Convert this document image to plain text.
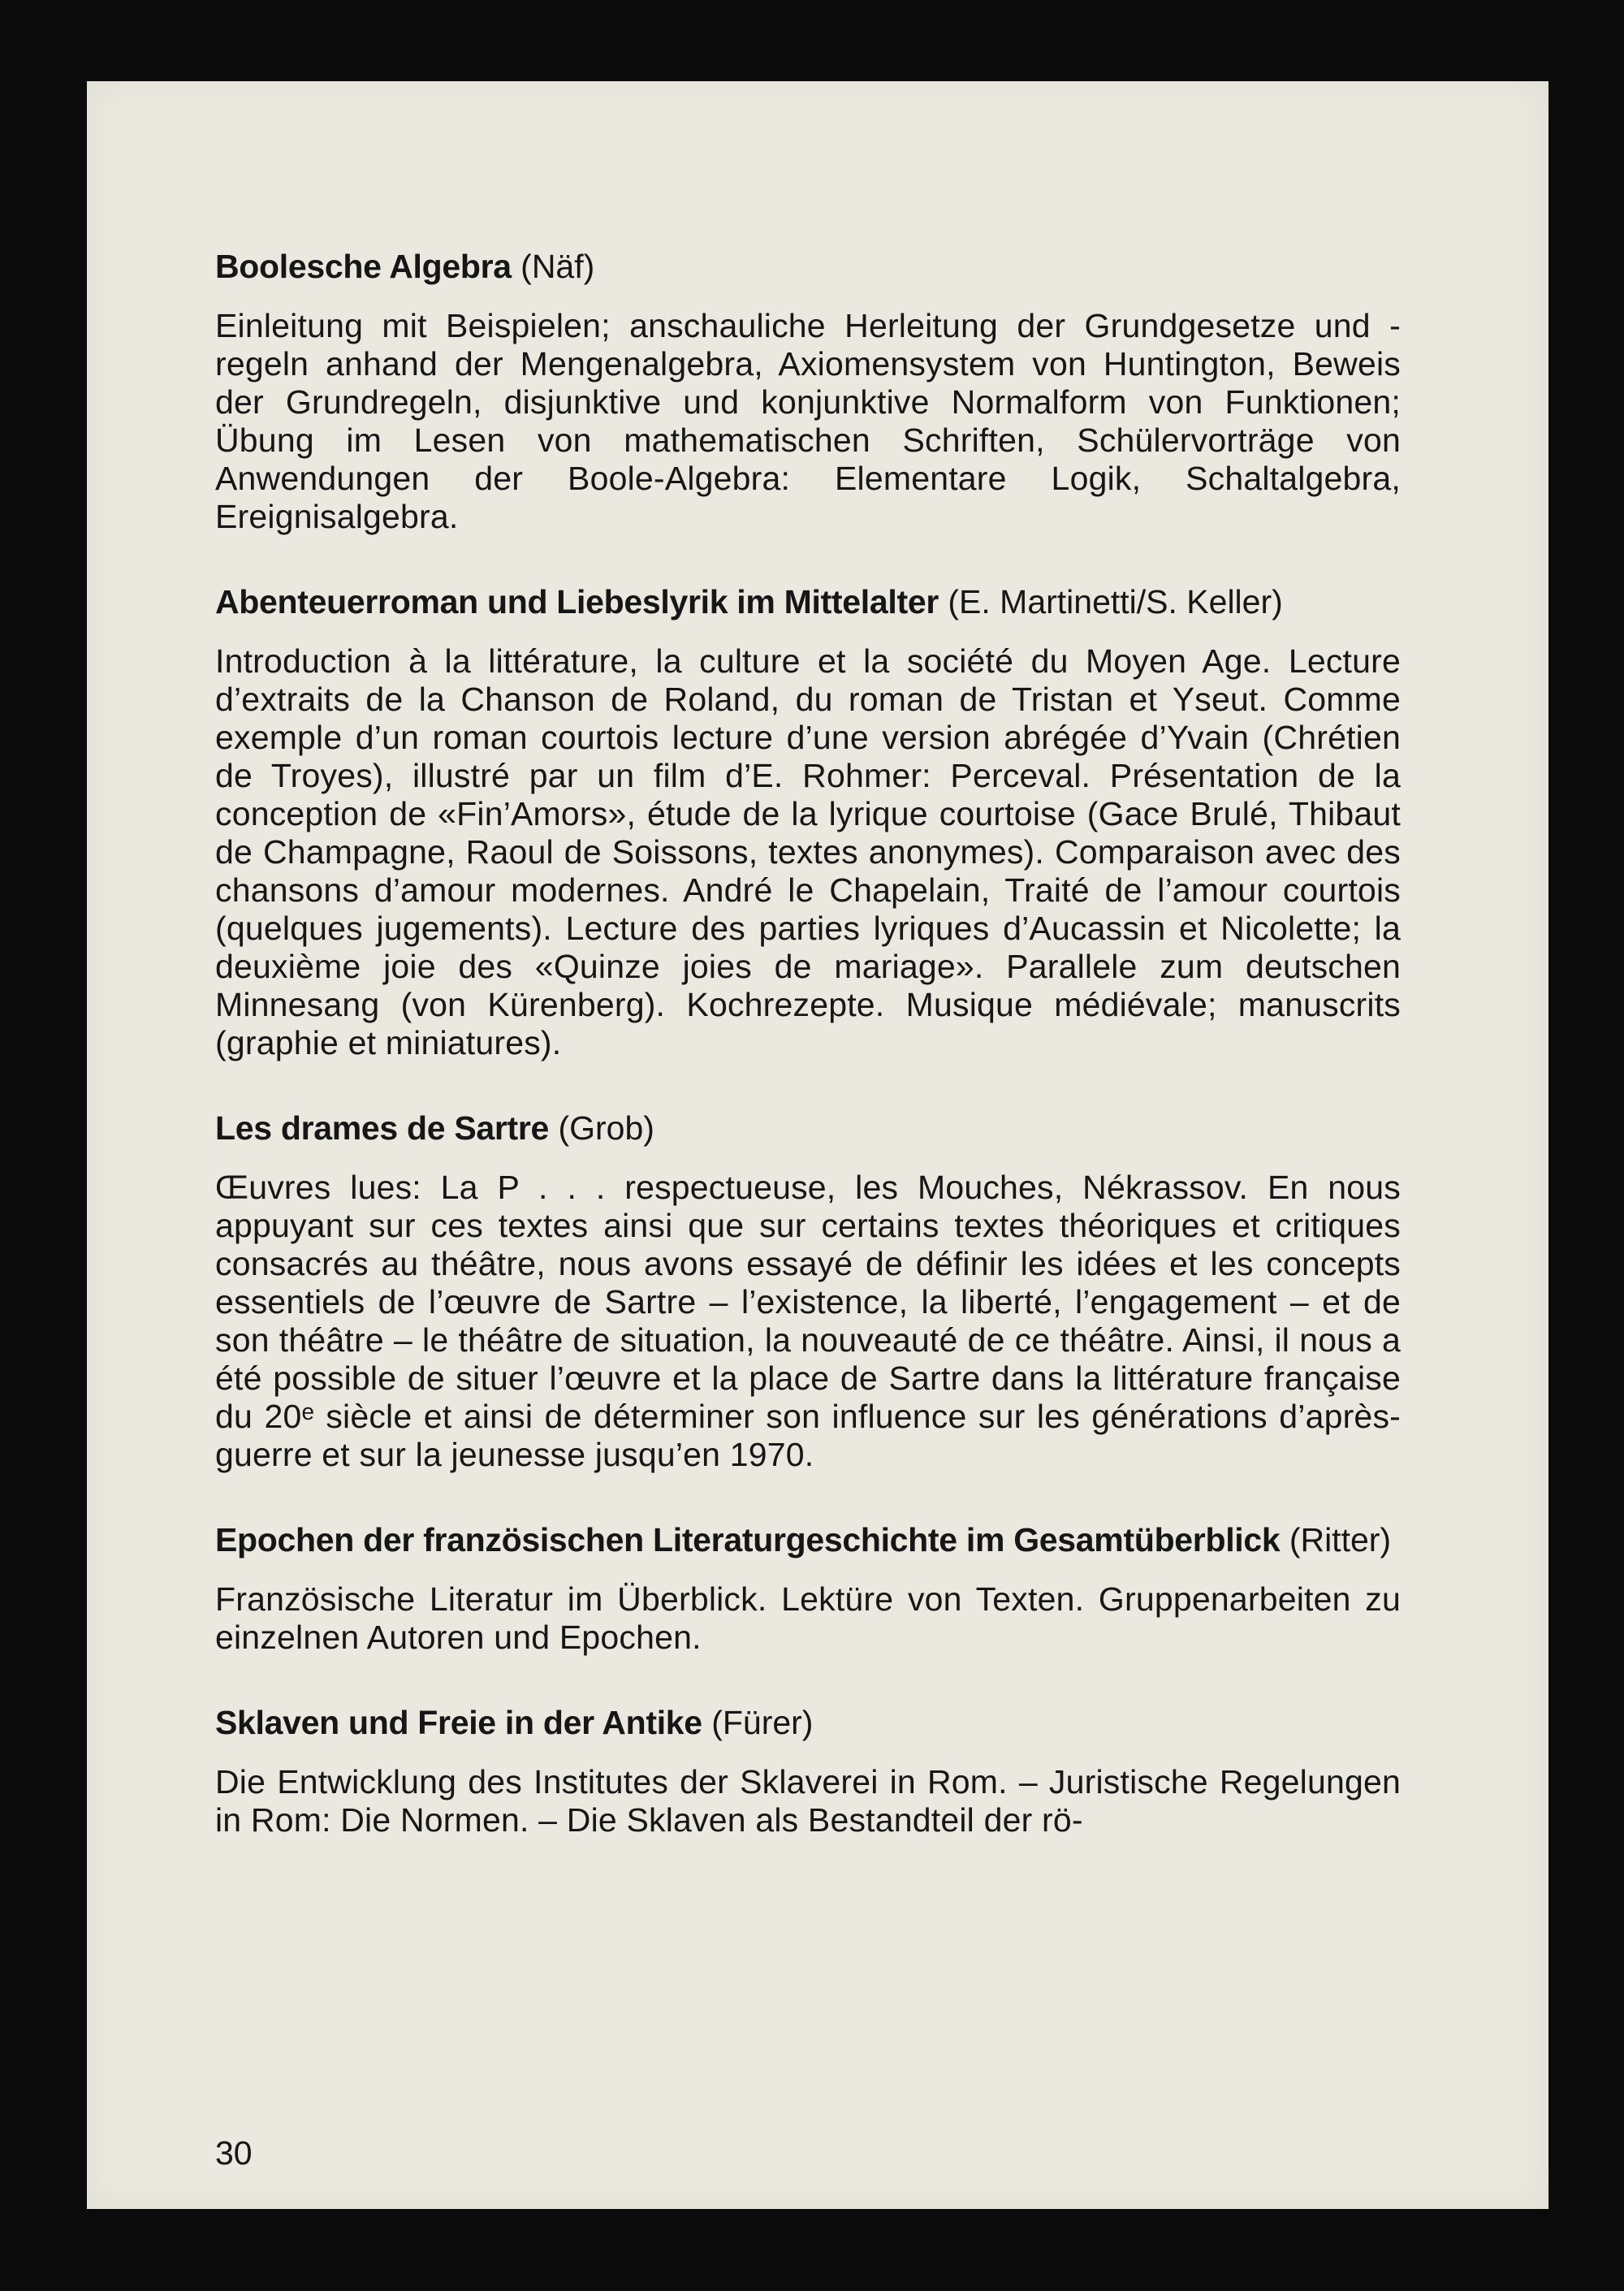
Boolesche Algebra (Näf)

Einleitung mit Beispielen; anschauliche Herleitung der Grundgesetze und -regeln anhand der Mengenalgebra, Axiomensystem von Huntington, Beweis der Grundregeln, disjunktive und konjunktive Normalform von Funktionen; Übung im Lesen von mathematischen Schriften, Schülervorträge von Anwendungen der Boole-Algebra: Elementare Logik, Schaltalgebra, Ereignisalgebra.

Abenteuerroman und Liebeslyrik im Mittelalter (E. Martinetti/S. Keller)

Introduction à la littérature, la culture et la société du Moyen Age. Lecture d’extraits de la Chanson de Roland, du roman de Tristan et Yseut. Comme exemple d’un roman courtois lecture d’une version abrégée d’Yvain (Chrétien de Troyes), illustré par un film d’E. Rohmer: Perceval. Présentation de la conception de «Fin’Amors», étude de la lyrique courtoise (Gace Brulé, Thibaut de Champagne, Raoul de Soissons, textes anonymes). Comparaison avec des chansons d’amour modernes. André le Chapelain, Traité de l’amour courtois (quelques jugements). Lecture des parties lyriques d’Aucassin et Nicolette; la deuxième joie des «Quinze joies de mariage». Parallele zum deutschen Minnesang (von Kürenberg). Kochrezepte. Musique médiévale; manuscrits (graphie et miniatures).

Les drames de Sartre (Grob)

Œuvres lues: La P . . . respectueuse, les Mouches, Nékrassov. En nous appuyant sur ces textes ainsi que sur certains textes théoriques et critiques consacrés au théâtre, nous avons essayé de définir les idées et les concepts essentiels de l’œuvre de Sartre – l’existence, la liberté, l’engagement – et de son théâtre – le théâtre de situation, la nouveauté de ce théâtre. Ainsi, il nous a été possible de situer l’œuvre et la place de Sartre dans la littérature française du 20ᵉ siècle et ainsi de déterminer son influence sur les générations d’après- guerre et sur la jeunesse jusqu’en 1970.

Epochen der französischen Literaturgeschichte im Gesamtüberblick (Ritter)

Französische Literatur im Überblick. Lektüre von Texten. Gruppenarbeiten zu einzelnen Autoren und Epochen.

Sklaven und Freie in der Antike (Fürer)

Die Entwicklung des Institutes der Sklaverei in Rom. – Juristische Regelungen in Rom: Die Normen. – Die Sklaven als Bestandteil der rö-

30
